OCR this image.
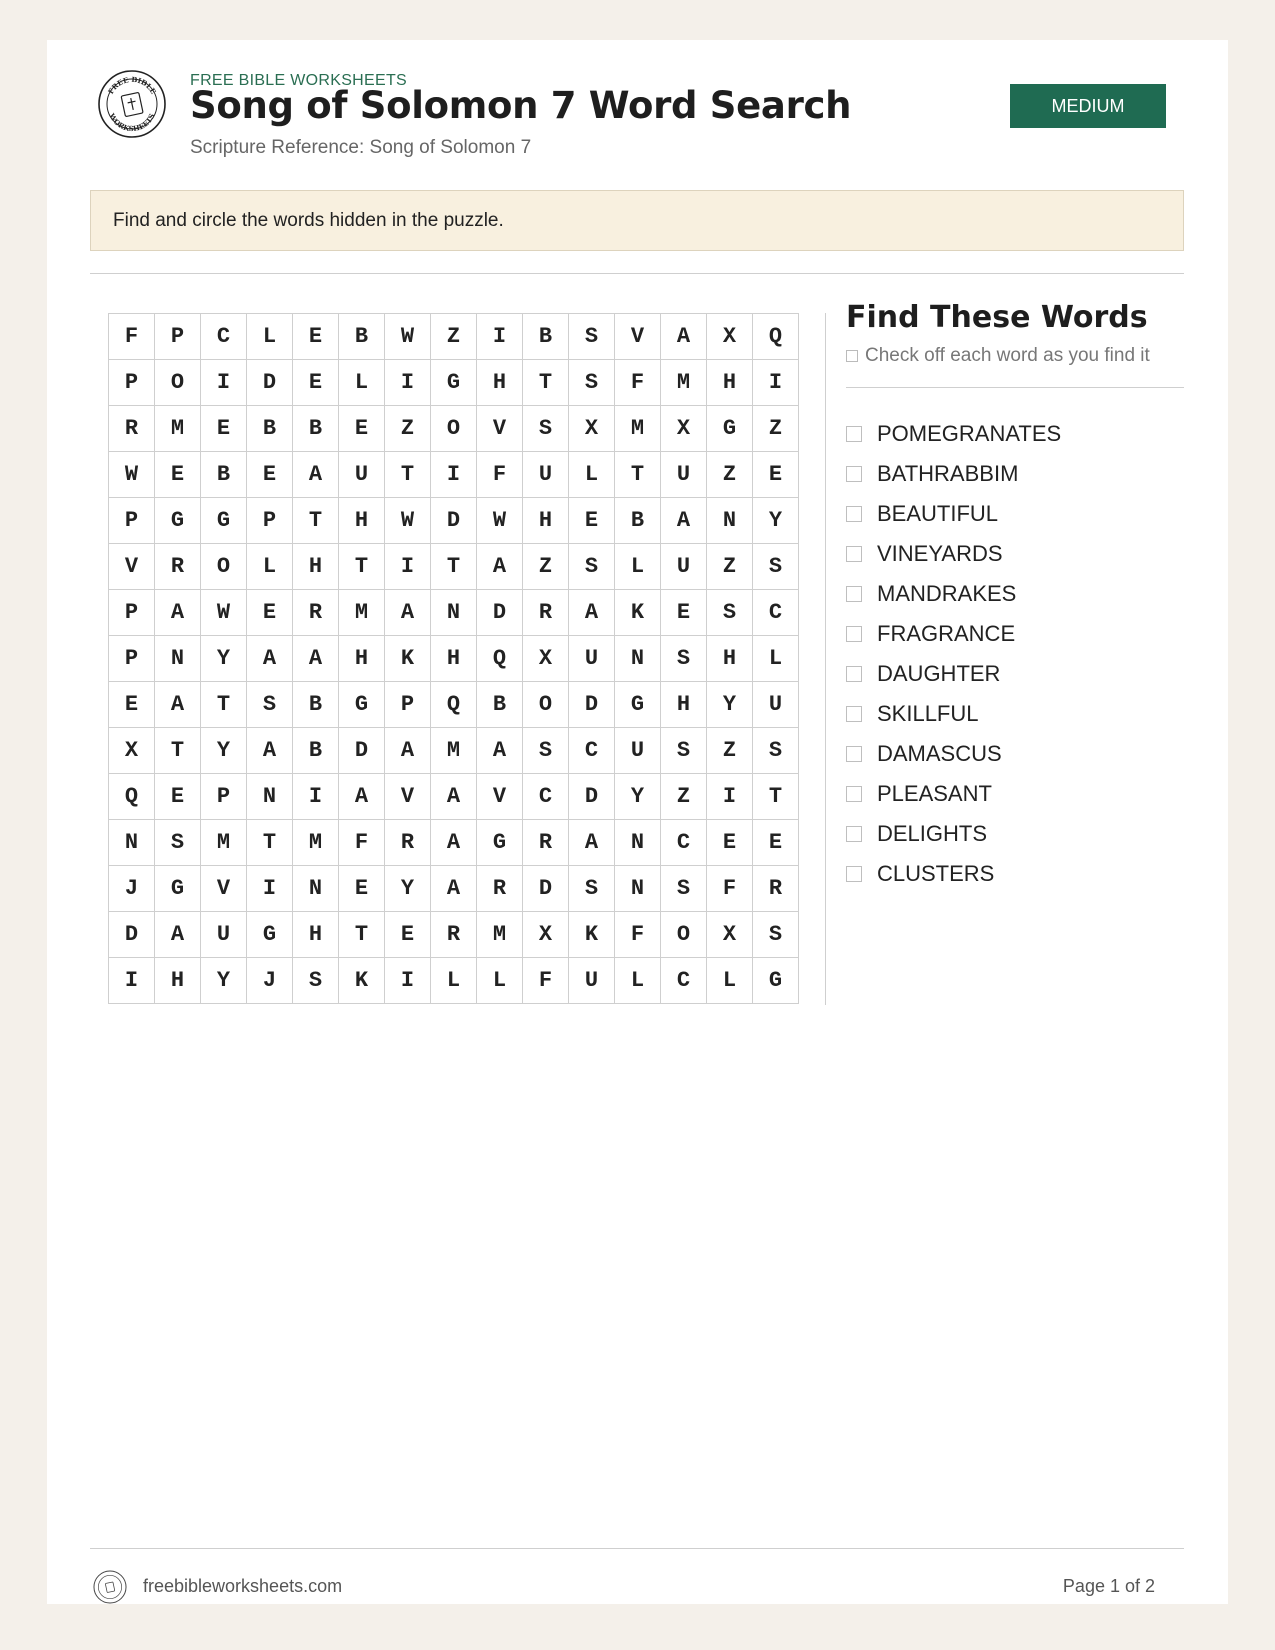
FREE BIBLE
WORKSHEETS
FREE BIBLE WORKSHEETS
Song of Solomon 7 Word Search
Scripture Reference: Song of Solomon 7
MEDIUM
Find and circle the words hidden in the puzzle.
F	P	C	L	E	B	W	Z	I	B	S	V	A	X	Q
P	O	I	D	E	L	I	G	H	T	S	F	M	H	I
R	M	E	B	B	E	Z	O	V	S	X	M	X	G	Z
W	E	B	E	A	U	T	I	F	U	L	T	U	Z	E
P	G	G	P	T	H	W	D	W	H	E	B	A	N	Y
V	R	O	L	H	T	I	T	A	Z	S	L	U	Z	S
P	A	W	E	R	M	A	N	D	R	A	K	E	S	C
P	N	Y	A	A	H	K	H	Q	X	U	N	S	H	L
E	A	T	S	B	G	P	Q	B	O	D	G	H	Y	U
X	T	Y	A	B	D	A	M	A	S	C	U	S	Z	S
Q	E	P	N	I	A	V	A	V	C	D	Y	Z	I	T
N	S	M	T	M	F	R	A	G	R	A	N	C	E	E
J	G	V	I	N	E	Y	A	R	D	S	N	S	F	R
D	A	U	G	H	T	E	R	M	X	K	F	O	X	S
I	H	Y	J	S	K	I	L	L	F	U	L	C	L	G
Find These Words
Check off each word as you find it
POMEGRANATES
BATHRABBIM
BEAUTIFUL
VINEYARDS
MANDRAKES
FRAGRANCE
DAUGHTER
SKILLFUL
DAMASCUS
PLEASANT
DELIGHTS
CLUSTERS
freebibleworksheets.com	Page 1 of 2
